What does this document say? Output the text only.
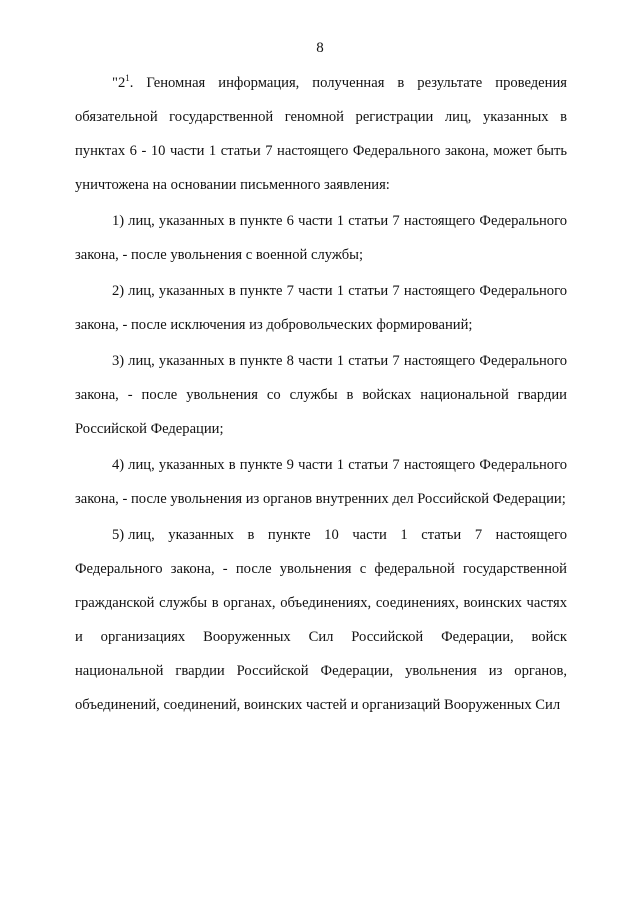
8

"$2^1$. Геномная информация, полученная в результате проведения обязательной государственной геномной регистрации лиц, указанных в пунктах 6 - 10 части 1 статьи 7 настоящего Федерального закона, может быть уничтожена на основании письменного заявления:

1) лиц, указанных в пункте 6 части 1 статьи 7 настоящего Федерального закона, - после увольнения с военной службы;

2) лиц, указанных в пункте 7 части 1 статьи 7 настоящего Федерального закона, - после исключения из добровольческих формирований;

3) лиц, указанных в пункте 8 части 1 статьи 7 настоящего Федерального закона, - после увольнения со службы в войсках национальной гвардии Российской Федерации;

4) лиц, указанных в пункте 9 части 1 статьи 7 настоящего Федерального закона, - после увольнения из органов внутренних дел Российской Федерации;

5) лиц, указанных в пункте 10 части 1 статьи 7 настоящего Федерального закона, - после увольнения с федеральной государственной гражданской службы в органах, объединениях, соединениях, воинских частях и организациях Вооруженных Сил Российской Федерации, войск национальной гвардии Российской Федерации, увольнения из органов, объединений, соединений, воинских частей и организаций Вооруженных Сил
